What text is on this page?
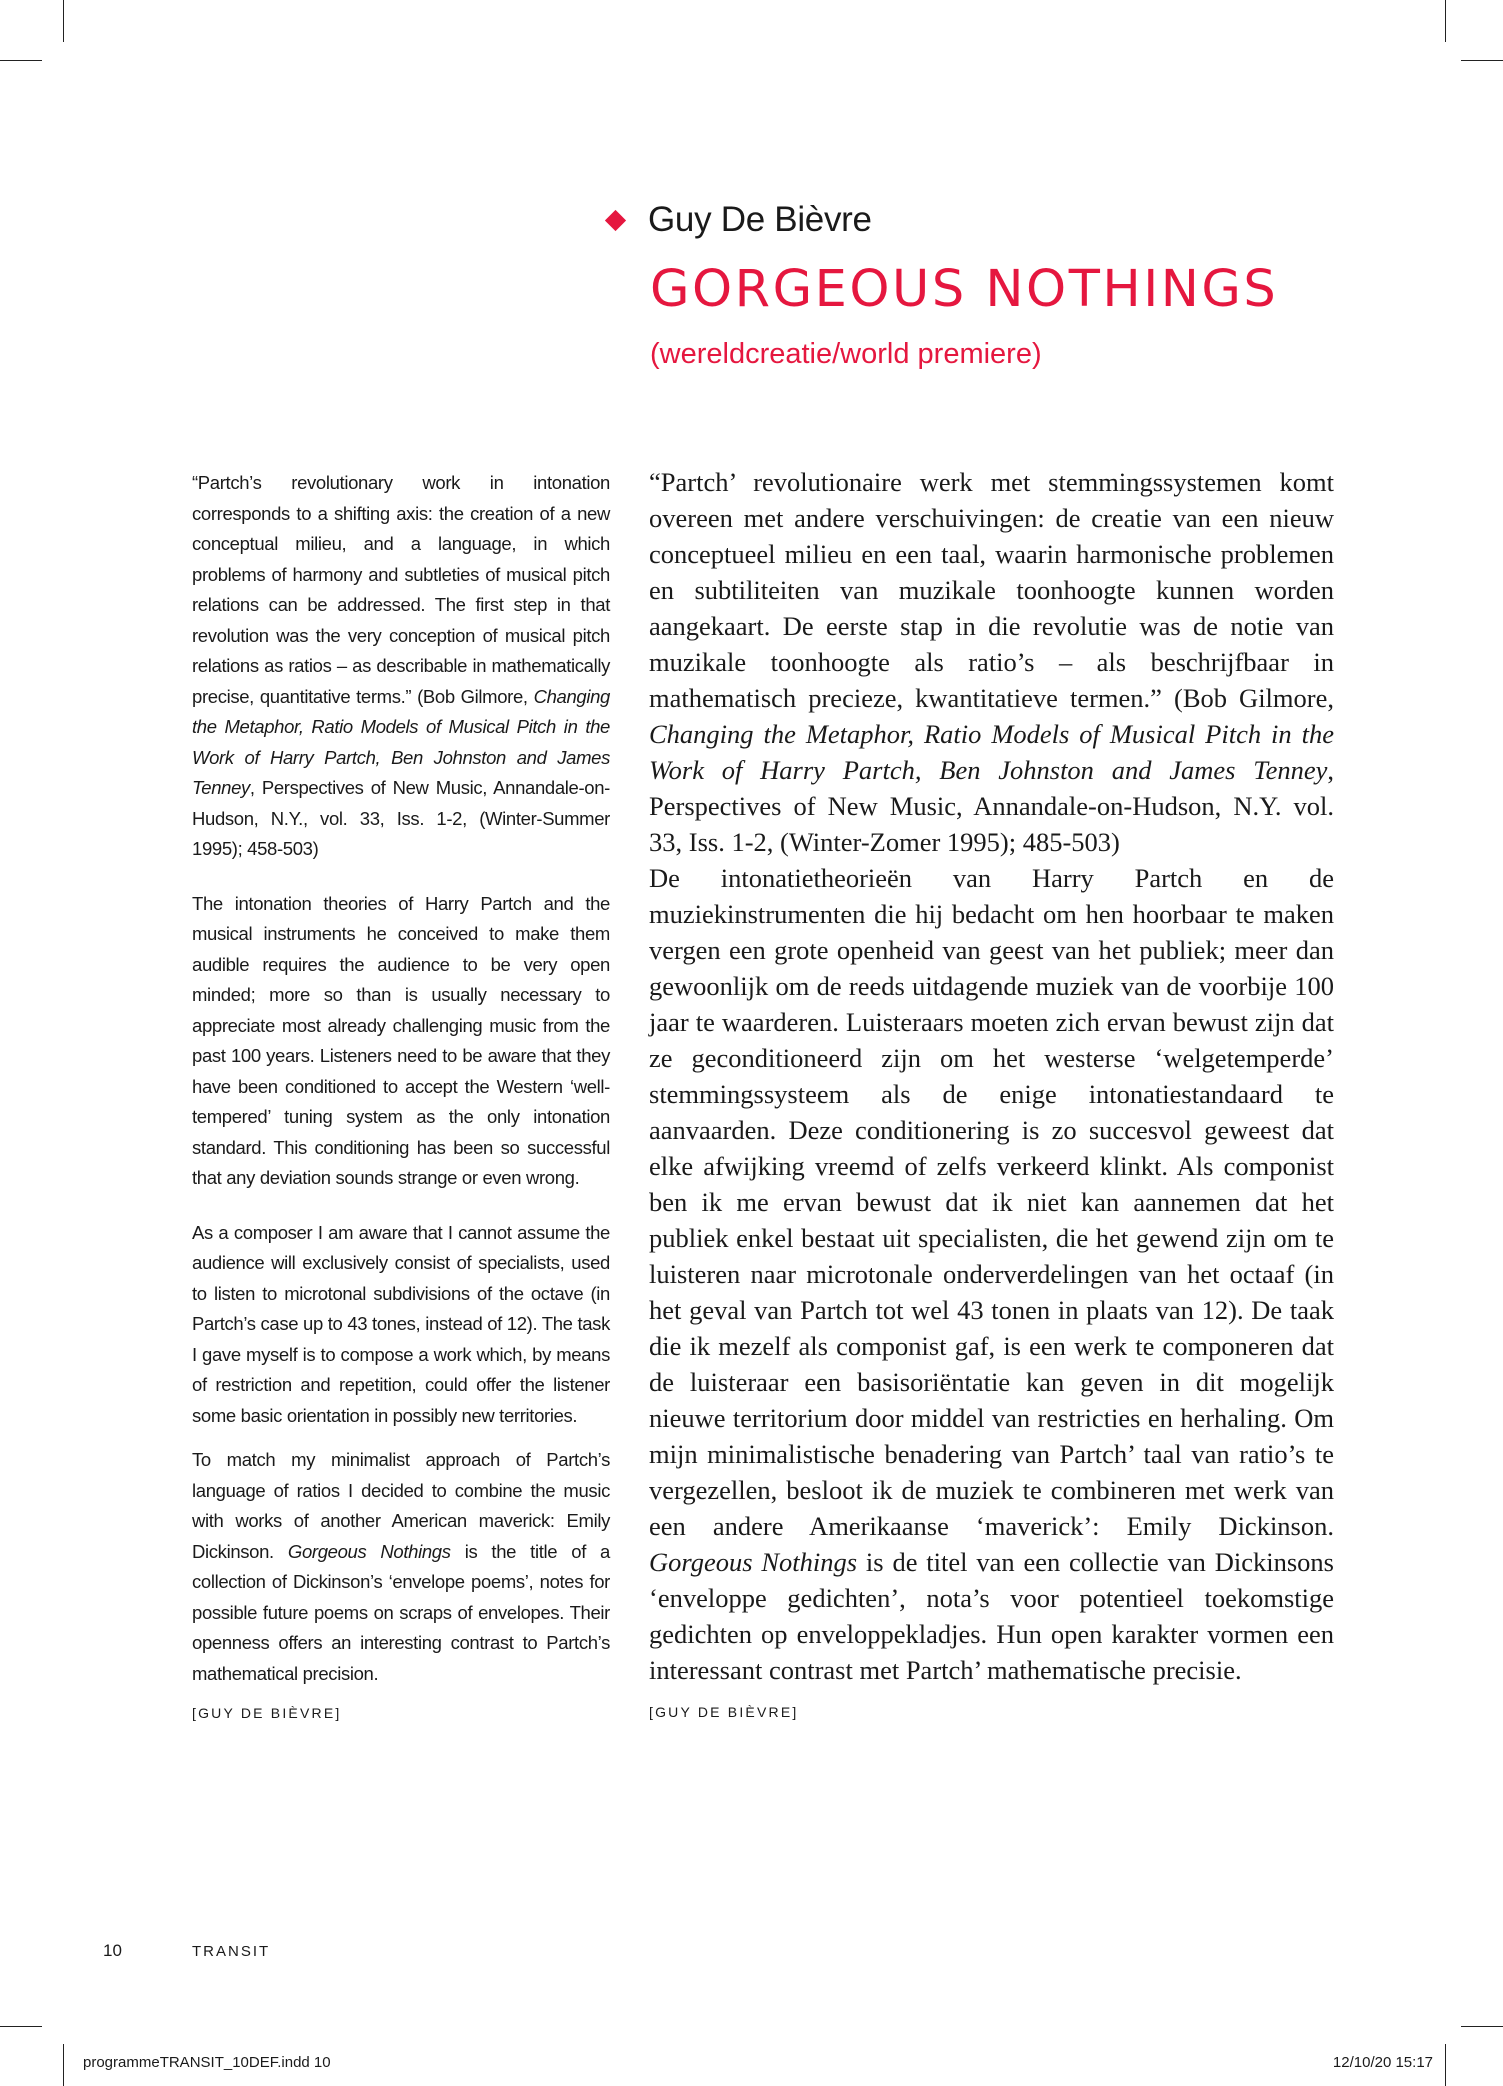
Guy De Bièvre
GORGEOUS NOTHINGS
(wereldcreatie/world premiere)

“Partch’s revolutionary work in intonation corresponds to a shifting axis: the creation of a new conceptual milieu, and a language, in which problems of harmony and subtleties of musical pitch relations can be addressed. The first step in that revolution was the very conception of musical pitch relations as ratios – as describable in mathematically precise, quantitative terms.” (Bob Gilmore, Changing the Metaphor, Ratio Models of Musical Pitch in the Work of Harry Partch, Ben Johnston and James Tenney, Perspectives of New Music, Annandale-on-Hudson, N.Y., vol. 33, Iss. 1-2, (Winter-Summer 1995); 458-503)

The intonation theories of Harry Partch and the musical instruments he conceived to make them audible requires the audience to be very open minded; more so than is usually necessary to appreciate most already challenging music from the past 100 years. Listeners need to be aware that they have been conditioned to accept the Western ‘well-tempered’ tuning system as the only intonation standard. This conditioning has been so successful that any deviation sounds strange or even wrong.

As a composer I am aware that I cannot assume the audience will exclusively consist of specialists, used to listen to microtonal subdivisions of the octave (in Partch’s case up to 43 tones, instead of 12). The task I gave myself is to compose a work which, by means of restriction and repetition, could offer the listener some basic orientation in possibly new territories.

To match my minimalist approach of Partch’s language of ratios I decided to combine the music with works of another American maverick: Emily Dickinson. Gorgeous Nothings is the title of a collection of Dickinson’s ‘envelope poems’, notes for possible future poems on scraps of envelopes. Their openness offers an interesting contrast to Partch’s mathematical precision.

[GUY DE BIÈVRE]

“Partch’ revolutionaire werk met stemmingssystemen komt overeen met andere verschuivingen: de creatie van een nieuw conceptueel milieu en een taal, waarin harmonische problemen en subtiliteiten van muzikale toonhoogte kunnen worden aangekaart. De eerste stap in die revolutie was de notie van muzikale toonhoogte als ratio’s – als beschrijfbaar in mathematisch precieze, kwantitatieve termen.” (Bob Gilmore, Changing the Metaphor, Ratio Models of Musical Pitch in the Work of Harry Partch, Ben Johnston and James Tenney, Perspectives of New Music, Annandale-on-Hudson, N.Y. vol. 33, Iss. 1-2, (Winter-Zomer 1995); 485-503)

De intonatietheorieën van Harry Partch en de muziekinstrumenten die hij bedacht om hen hoorbaar te maken vergen een grote openheid van geest van het publiek; meer dan gewoonlijk om de reeds uitdagende muziek van de voorbije 100 jaar te waarderen. Luisteraars moeten zich ervan bewust zijn dat ze geconditioneerd zijn om het westerse ‘welgetemperde’ stemmingssysteem als de enige intonatiestandaard te aanvaarden. Deze conditionering is zo succesvol geweest dat elke afwijking vreemd of zelfs verkeerd klinkt. Als componist ben ik me ervan bewust dat ik niet kan aannemen dat het publiek enkel bestaat uit specialisten, die het gewend zijn om te luisteren naar microtonale onderverdelingen van het octaaf (in het geval van Partch tot wel 43 tonen in plaats van 12). De taak die ik mezelf als componist gaf, is een werk te componeren dat de luisteraar een basisoriëntatie kan geven in dit mogelijk nieuwe territorium door middel van restricties en herhaling. Om mijn minimalistische benadering van Partch’ taal van ratio’s te vergezellen, besloot ik de muziek te combineren met werk van een andere Amerikaanse ‘maverick’: Emily Dickinson. Gorgeous Nothings is de titel van een collectie van Dickinsons ‘enveloppe gedichten’, nota’s voor potentieel toekomstige gedichten op enveloppekladjes. Hun open karakter vormen een interessant contrast met Partch’ mathematische precisie.

[GUY DE BIÈVRE]
10	TRANSIT
programmeTRANSIT_10DEF.indd 10	12/10/20 15:17
